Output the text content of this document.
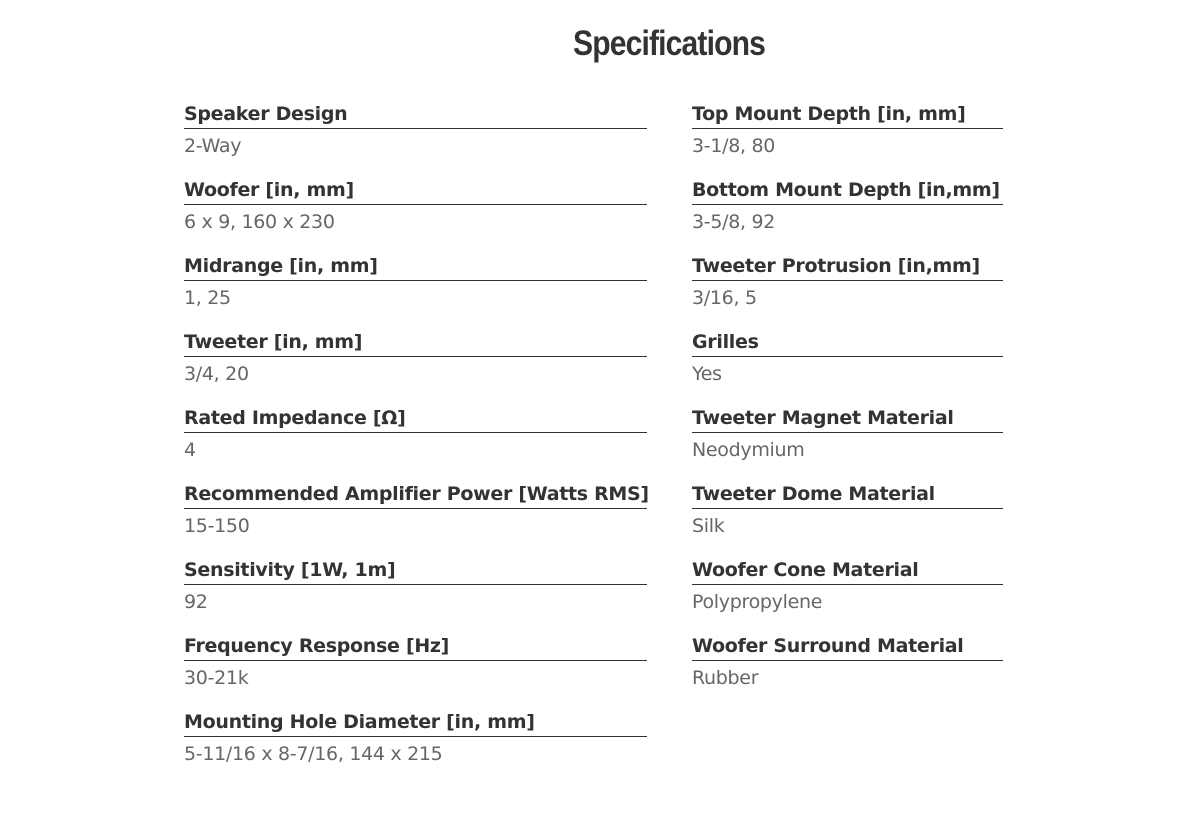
Specifications
Speaker Design
2-Way
Woofer [in, mm]
6 x 9, 160 x 230
Midrange [in, mm]
1, 25
Tweeter [in, mm]
3/4, 20
Rated Impedance [Ω]
4
Recommended Amplifier Power [Watts RMS]
15-150
Sensitivity [1W, 1m]
92
Frequency Response [Hz]
30-21k
Mounting Hole Diameter [in, mm]
5-11/16 x 8-7/16, 144 x 215
Top Mount Depth [in, mm]
3-1/8, 80
Bottom Mount Depth [in,mm]
3-5/8, 92
Tweeter Protrusion [in,mm]
3/16, 5
Grilles
Yes
Tweeter Magnet Material
Neodymium
Tweeter Dome Material
Silk
Woofer Cone Material
Polypropylene
Woofer Surround Material
Rubber
